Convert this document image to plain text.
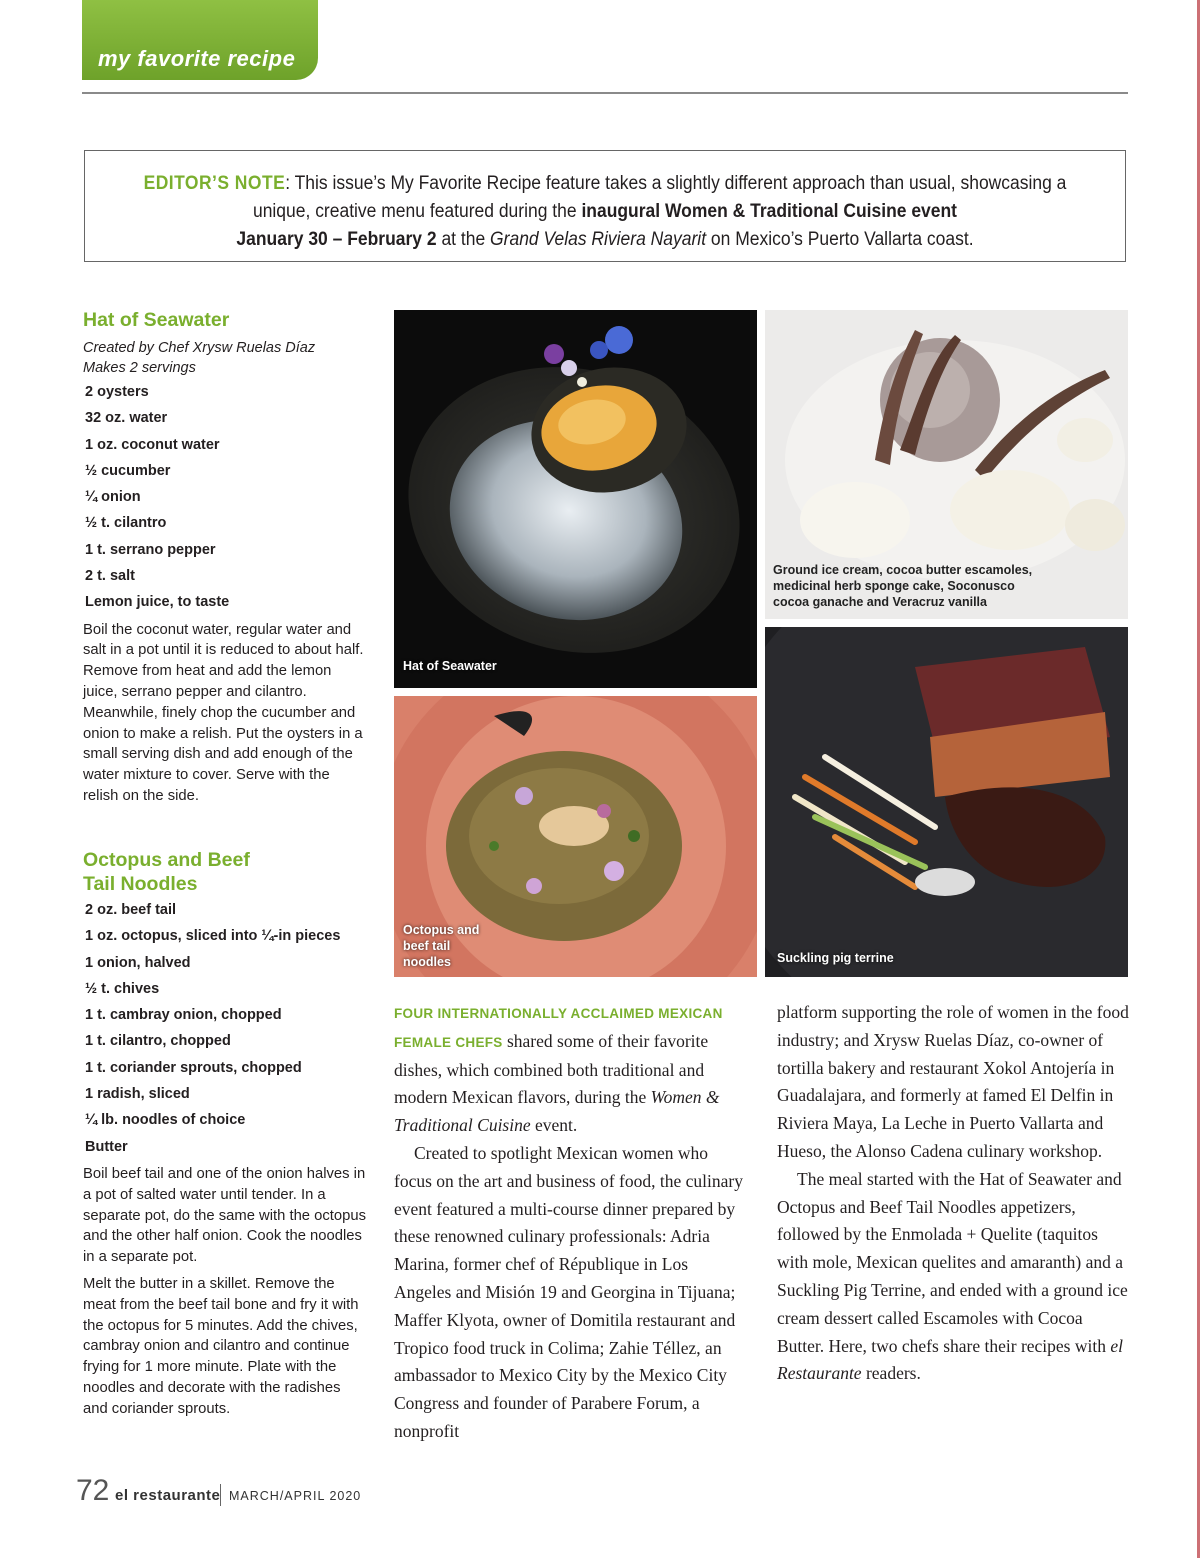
my favorite recipe
EDITOR’S NOTE: This issue’s My Favorite Recipe feature takes a slightly different approach than usual, showcasing a unique, creative menu featured during the inaugural Women & Traditional Cuisine event
January 30 – February 2 at the Grand Velas Riviera Nayarit on Mexico’s Puerto Vallarta coast.
Hat of Seawater
Created by Chef Xrysw Ruelas Díaz
Makes 2 servings
2 oysters
32 oz. water
1 oz. coconut water
½ cucumber
¼ onion
½ t. cilantro
1 t. serrano pepper
2 t. salt
Lemon juice, to taste

Boil the coconut water, regular water and salt in a pot until it is reduced to about half. Remove from heat and add the lemon juice, serrano pepper and cilantro. Meanwhile, finely chop the cucumber and onion to make a relish. Put the oysters in a small serving dish and add enough of the water mixture to cover. Serve with the relish on the side.

Octopus and Beef
Tail Noodles
2 oz. beef tail
1 oz. octopus, sliced into ¼-in pieces
1 onion, halved
½ t. chives
1 t. cambray onion, chopped
1 t. cilantro, chopped
1 t. coriander sprouts, chopped
1 radish, sliced
¼ lb. noodles of choice
Butter

Boil beef tail and one of the onion halves in a pot of salted water until tender. In a separate pot, do the same with the octopus and the other half onion. Cook the noodles in a separate pot.

Melt the butter in a skillet. Remove the meat from the beef tail bone and fry it with the octopus for 5 minutes. Add the chives, cambray onion and cilantro and continue frying for 1 more minute. Plate with the noodles and decorate with the radishes and coriander sprouts.

Hat of Seawater
Ground ice cream, cocoa butter escamoles, medicinal herb sponge cake, Soconusco cocoa ganache and Veracruz vanilla
Octopus and beef tail noodles	Suckling pig terrine

FOUR INTERNATIONALLY ACCLAIMED MEXICAN FEMALE CHEFS shared some of their favorite dishes, which combined both traditional and modern Mexican flavors, during the Women & Traditional Cuisine event.

Created to spotlight Mexican women who focus on the art and business of food, the culinary event featured a multi-course dinner prepared by these renowned culinary professionals: Adria Marina, former chef of République in Los Angeles and Misión 19 and Georgina in Tijuana; Maffer Klyota, owner of Domitila restaurant and Tropico food truck in Colima; Zahie Téllez, an ambassador to Mexico City by the Mexico City Congress and founder of Parabere Forum, a nonprofit

platform supporting the role of women in the food industry; and Xrysw Ruelas Díaz, co-owner of tortilla bakery and restaurant Xokol Antojería in Guadalajara, and formerly at famed El Delfin in Riviera Maya, La Leche in Puerto Vallarta and Hueso, the Alonso Cadena culinary workshop.

The meal started with the Hat of Seawater and Octopus and Beef Tail Noodles appetizers, followed by the Enmolada + Quelite (taquitos with mole, Mexican quelites and amaranth) and a Suckling Pig Terrine, and ended with a ground ice cream dessert called Escamoles with Cocoa Butter. Here, two chefs share their recipes with el Restaurante readers.

72 el restaurante MARCH/APRIL 2020
